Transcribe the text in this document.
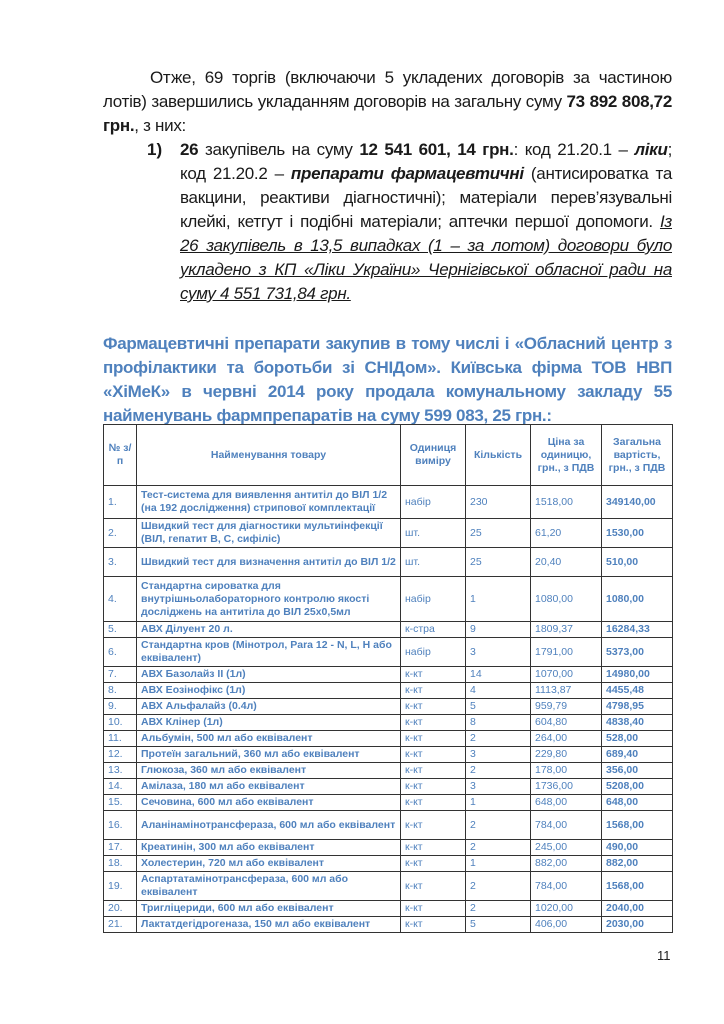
Отже, 69 торгів (включаючи 5 укладених договорів за частиною лотів) завершились укладанням договорів на загальну суму 73 892 808,72 грн., з них:
1) 26 закупівель на суму 12 541 601, 14 грн.: код 21.20.1 – ліки; код 21.20.2 – препарати фармацевтичні (антисироватка та вакцини, реактиви діагностичні); матеріали перев’язувальні клейкі, кетгут і подібні матеріали; аптечки першої допомоги. Із 26 закупівель в 13,5 випадках (1 – за лотом) договори було укладено з КП «Ліки України» Чернігівської обласної ради на суму 4 551 731,84 грн.
Фармацевтичні препарати закупив в тому числі і «Обласний центр з профілактики та боротьби зі СНІДом». Київська фірма ТОВ НВП «ХіМеК» в червні 2014 року продала комунальному закладу 55 найменувань фармпрепаратів на суму 599 083, 25 грн.:
№ з/п	Найменування товару	Одиниця виміру	Кількість	Ціна за одиницю, грн., з ПДВ	Загальна вартість, грн., з ПДВ
1.	Тест-система для виявлення антитіл до ВІЛ 1/2 (на 192 дослідження) стрипової комплектації	набір	230	1518,00	349140,00
2.	Швидкий тест для діагностики мультиінфекції (ВІЛ, гепатит В, С, сифіліс)	шт.	25	61,20	1530,00
3.	Швидкий тест для визначення антитіл до ВІЛ 1/2	шт.	25	20,40	510,00
4.	Стандартна сироватка для внутрішньолабораторного контролю якості досліджень на антитіла до ВІЛ 25х0,5мл	набір	1	1080,00	1080,00
5.	АВХ Ділуент 20 л.	к-стра	9	1809,37	16284,33
6.	Стандартна кров (Мінотрол, Para 12 - N, L, H або еквівалент)	набір	3	1791,00	5373,00
7.	АВХ Базолайз ІІ (1л)	к-кт	14	1070,00	14980,00
8.	АВХ Еозінофікс (1л)	к-кт	4	1113,87	4455,48
9.	АВХ Альфалайз (0.4л)	к-кт	5	959,79	4798,95
10.	АВХ Клінер (1л)	к-кт	8	604,80	4838,40
11.	Альбумін, 500 мл або еквівалент	к-кт	2	264,00	528,00
12.	Протеїн загальний, 360 мл або еквівалент	к-кт	3	229,80	689,40
13.	Глюкоза, 360 мл або еквівалент	к-кт	2	178,00	356,00
14.	Амілаза, 180 мл або еквівалент	к-кт	3	1736,00	5208,00
15.	Сечовина, 600 мл або еквівалент	к-кт	1	648,00	648,00
16.	Аланінамінотрансфераза, 600 мл або еквівалент	к-кт	2	784,00	1568,00
17.	Креатинін, 300 мл або еквівалент	к-кт	2	245,00	490,00
18.	Холестерин, 720 мл або еквівалент	к-кт	1	882,00	882,00
19.	Аспартатамінотрансфераза, 600 мл або еквівалент	к-кт	2	784,00	1568,00
20.	Тригліцериди, 600 мл або еквівалент	к-кт	2	1020,00	2040,00
21.	Лактатдегідрогеназа, 150 мл або еквівалент	к-кт	5	406,00	2030,00
11
